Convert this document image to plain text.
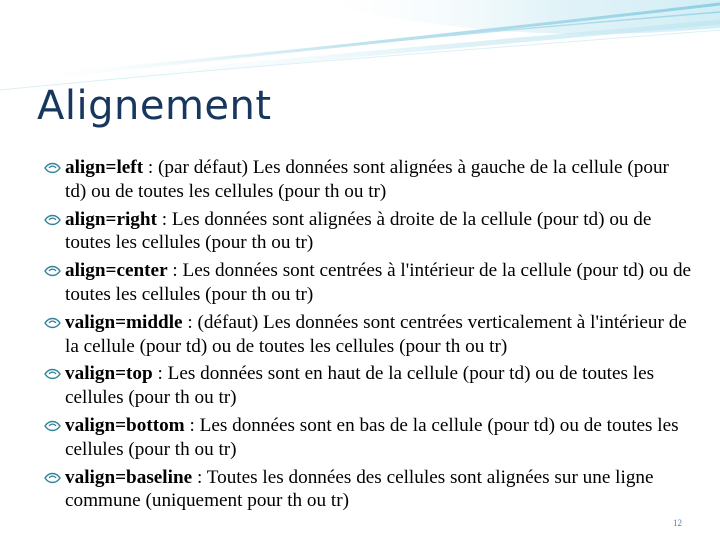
Alignement
align=left : (par défaut) Les données sont alignées à gauche de la cellule (pour td) ou de toutes les cellules (pour th ou tr)
align=right : Les données sont alignées à droite de la cellule (pour td) ou de toutes les cellules (pour th ou tr)
align=center : Les données sont centrées à l'intérieur de la cellule (pour td) ou de toutes les cellules (pour th ou tr)
valign=middle : (défaut) Les données sont centrées verticalement à l'intérieur de la cellule (pour td) ou de toutes les cellules (pour th ou tr)
valign=top : Les données sont en haut de la cellule (pour td) ou de toutes les cellules (pour th ou tr)
valign=bottom : Les données sont en bas de la cellule (pour td) ou de toutes les cellules (pour th ou tr)
valign=baseline : Toutes les données des cellules sont alignées sur une ligne commune (uniquement pour th ou tr)
12
